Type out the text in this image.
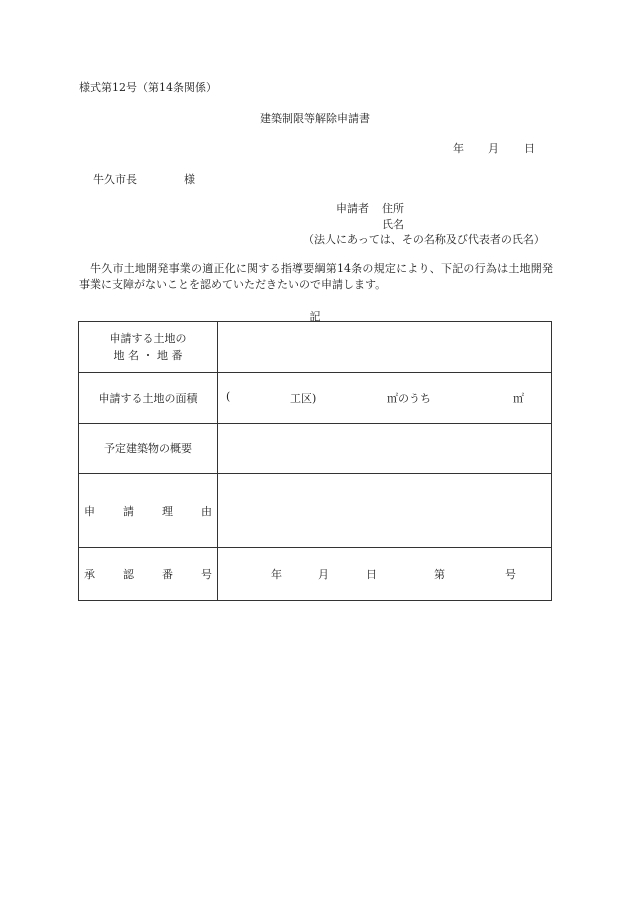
様式第12号（第14条関係）
建築制限等解除申請書
年 月 日
牛久市長	様
申請者 住所
氏名
（法人にあっては、その名称及び代表者の氏名）
牛久市土地開発事業の適正化に関する指導要綱第14条の規定により、下記の行為は土地開発事業に支障がないことを認めていただきたいので申請します。
記
申請する土地の
地 名 ・ 地 番	

申請する土地の面積	( 工区) ㎡のうち ㎡

予定建築物の概要	

申 請 理 由	

承 認 番 号	年 月 日 第 号
